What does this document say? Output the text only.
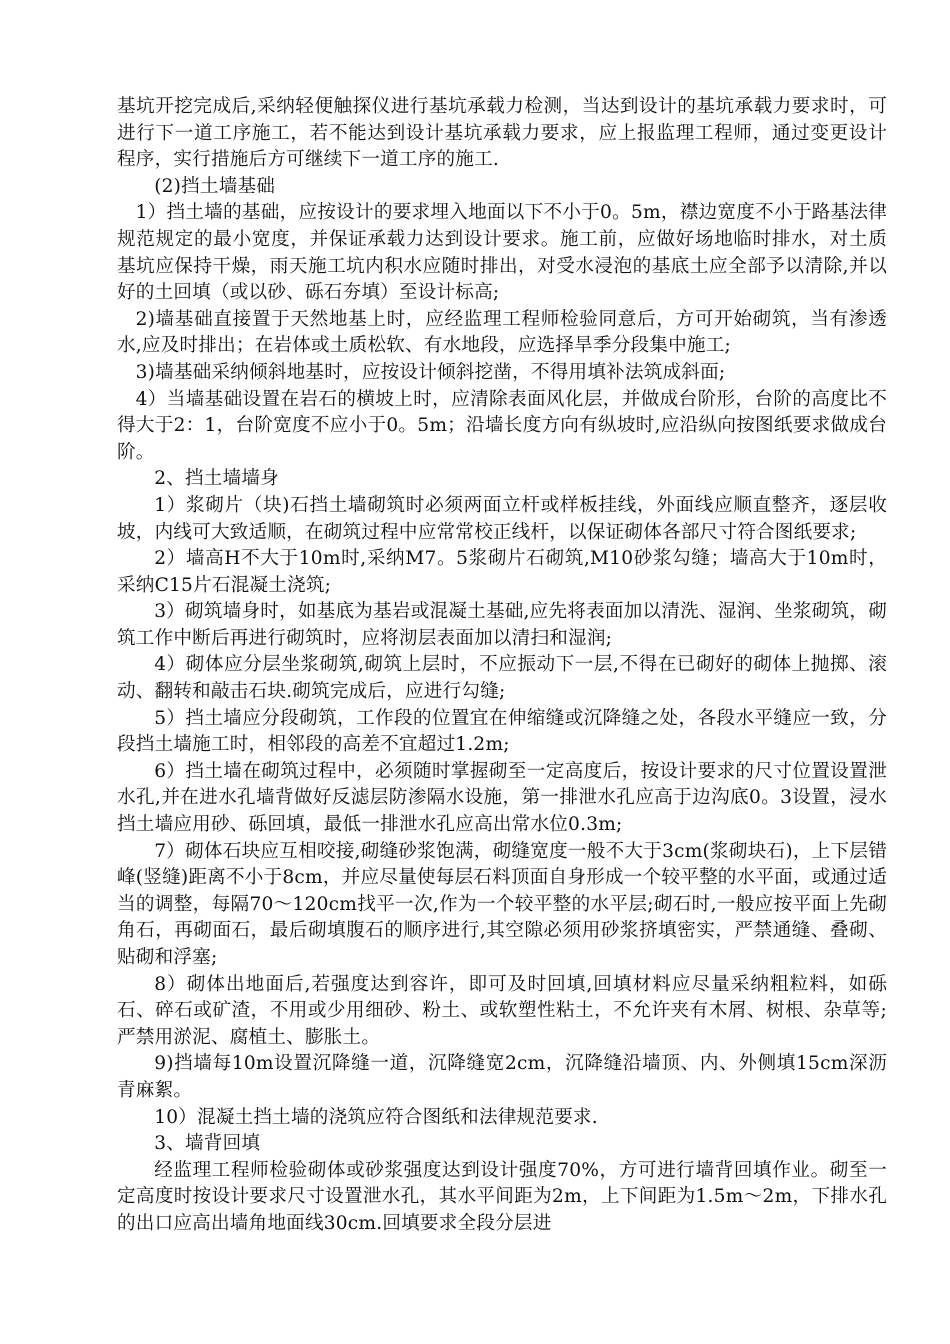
基坑开挖完成后,采纳轻便触探仪进行基坑承载力检测，当达到设计的基坑承载力要求时，可进行下一道工序施工，若不能达到设计基坑承载力要求，应上报监理工程师，通过变更设计程序，实行措施后方可继续下一道工序的施工.

(2)挡土墙基础

1）挡土墙的基础，应按设计的要求埋入地面以下不小于0。5m，襟边宽度不小于路基法律规范规定的最小宽度，并保证承载力达到设计要求。施工前，应做好场地临时排水，对土质基坑应保持干燥，雨天施工坑内积水应随时排出，对受水浸泡的基底土应全部予以清除,并以好的土回填（或以砂、砾石夯填）至设计标高;

2)墙基础直接置于天然地基上时，应经监理工程师检验同意后，方可开始砌筑，当有渗透水,应及时排出；在岩体或土质松软、有水地段，应选择旱季分段集中施工;

3)墙基础采纳倾斜地基时，应按设计倾斜挖凿，不得用填补法筑成斜面;

4）当墙基础设置在岩石的横坡上时，应清除表面风化层，并做成台阶形，台阶的高度比不得大于2：1，台阶宽度不应小于0。5m；沿墙长度方向有纵坡时,应沿纵向按图纸要求做成台阶。

2、挡土墙墙身

1）浆砌片（块)石挡土墙砌筑时必须两面立杆或样板挂线，外面线应顺直整齐，逐层收坡，内线可大致适顺，在砌筑过程中应常常校正线杆，以保证砌体各部尺寸符合图纸要求;

2）墙高H不大于10m时,采纳M7。5浆砌片石砌筑,M10砂浆勾缝；墙高大于10m时，采纳C15片石混凝土浇筑;

3）砌筑墙身时，如基底为基岩或混凝土基础,应先将表面加以清洗、湿润、坐浆砌筑，砌筑工作中断后再进行砌筑时，应将沏层表面加以清扫和湿润;

4）砌体应分层坐浆砌筑,砌筑上层时，不应振动下一层,不得在已砌好的砌体上抛掷、滚动、翻转和敲击石块.砌筑完成后，应进行勾缝;

5）挡土墙应分段砌筑，工作段的位置宜在伸缩缝或沉降缝之处，各段水平缝应一致，分段挡土墙施工时，相邻段的高差不宜超过1.2m;

6）挡土墙在砌筑过程中，必须随时掌握砌至一定高度后，按设计要求的尺寸位置设置泄水孔,并在进水孔墙背做好反滤层防渗隔水设施，第一排泄水孔应高于边沟底0。3设置，浸水挡土墙应用砂、砾回填，最低一排泄水孔应高出常水位0.3m;

7）砌体石块应互相咬接,砌缝砂浆饱满，砌缝宽度一般不大于3cm(浆砌块石)，上下层错峰(竖缝)距离不小于8cm，并应尽量使每层石料顶面自身形成一个较平整的水平面，或通过适当的调整，每隔70～120cm找平一次,作为一个较平整的水平层;砌石时,一般应按平面上先砌角石，再砌面石，最后砌填腹石的顺序进行,其空隙必须用砂浆挤填密实，严禁通缝、叠砌、贴砌和浮塞;

8）砌体出地面后,若强度达到容许，即可及时回填,回填材料应尽量采纳粗粒料，如砾石、碎石或矿渣，不用或少用细砂、粉土、或软塑性粘土，不允许夹有木屑、树根、杂草等;严禁用淤泥、腐植土、膨胀土。

9)挡墙每10m设置沉降缝一道，沉降缝宽2cm，沉降缝沿墙顶、内、外侧填15cm深沥青麻絮。

10）混凝土挡土墙的浇筑应符合图纸和法律规范要求.

3、墙背回填

经监理工程师检验砌体或砂浆强度达到设计强度70%，方可进行墙背回填作业。砌至一定高度时按设计要求尺寸设置泄水孔，其水平间距为2m，上下间距为1.5m～2m，下排水孔的出口应高出墙角地面线30cm.回填要求全段分层进
